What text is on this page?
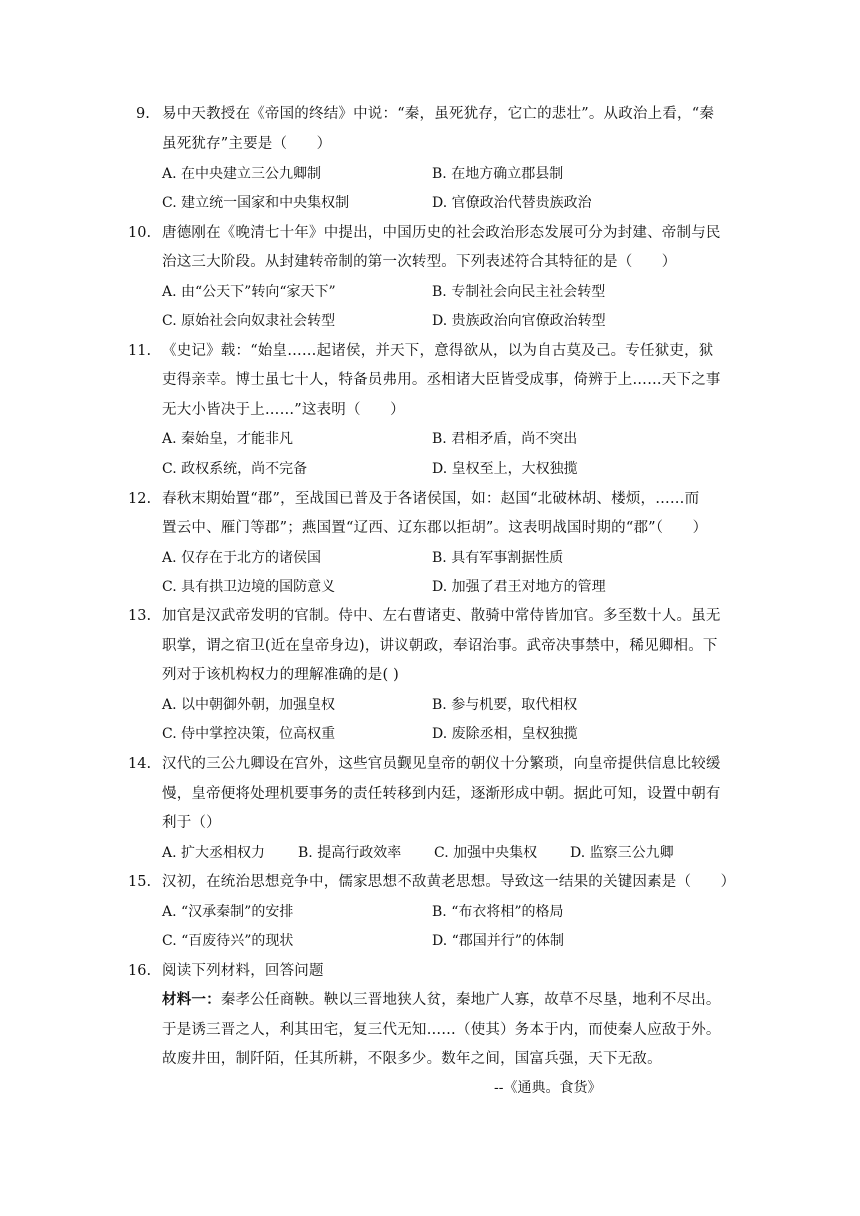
9. 易中天教授在《帝国的终结》中说：“秦，虽死犹存，它亡的悲壮”。从政治上看，“秦
虽死犹存”主要是（　　）
A. 在中央建立三公九卿制	B. 在地方确立郡县制
C. 建立统一国家和中央集权制	D. 官僚政治代替贵族政治
10. 唐德刚在《晚清七十年》中提出，中国历史的社会政治形态发展可分为封建、帝制与民
治这三大阶段。从封建转帝制的第一次转型。下列表述符合其特征的是（　　）
A. 由“公天下”转向“家天下”	B. 专制社会向民主社会转型
C. 原始社会向奴隶社会转型	D. 贵族政治向官僚政治转型
11. 《史记》载：“始皇……起诸侯，并天下，意得欲从，以为自古莫及己。专任狱吏，狱
吏得亲幸。博士虽七十人，特备员弗用。丞相诸大臣皆受成事，倚辨于上……天下之事
无大小皆决于上……”这表明（　　）
A. 秦始皇，才能非凡	B. 君相矛盾，尚不突出
C. 政权系统，尚不完备	D. 皇权至上，大权独揽
12. 春秋末期始置“郡”，至战国已普及于各诸侯国，如：赵国“北破林胡、楼烦，……而
置云中、雁门等郡”；燕国置“辽西、辽东郡以拒胡”。这表明战国时期的“郡”（　　）
A. 仅存在于北方的诸侯国	B. 具有军事割据性质
C. 具有拱卫边境的国防意义	D. 加强了君王对地方的管理
13. 加官是汉武帝发明的官制。侍中、左右曹诸吏、散骑中常侍皆加官。多至数十人。虽无
职掌，谓之宿卫(近在皇帝身边)，讲议朝政，奉诏治事。武帝决事禁中，稀见卿相。下
列对于该机构权力的理解准确的是( )
A. 以中朝御外朝，加强皇权	B. 参与机要，取代相权
C. 侍中掌控决策，位高权重	D. 废除丞相，皇权独揽
14. 汉代的三公九卿设在宫外，这些官员觐见皇帝的朝仪十分繁琐，向皇帝提供信息比较缓
慢，皇帝便将处理机要事务的责任转移到内廷，逐渐形成中朝。据此可知，设置中朝有
利于（）
A. 扩大丞相权力 B. 提高行政效率 C. 加强中央集权 D. 监察三公九卿
15. 汉初，在统治思想竞争中，儒家思想不敌黄老思想。导致这一结果的关键因素是（　　）
A. “汉承秦制”的安排	B. “布衣将相”的格局
C. “百废待兴”的现状	D. “郡国并行”的体制
16. 阅读下列材料，回答问题
材料一：秦孝公任商鞅。鞅以三晋地狭人贫，秦地广人寡，故草不尽垦，地利不尽出。
于是诱三晋之人，利其田宅，复三代无知……（使其）务本于内，而使秦人应敌于外。
故废井田，制阡陌，任其所耕，不限多少。数年之间，国富兵强，天下无敌。
--《通典。食货》
